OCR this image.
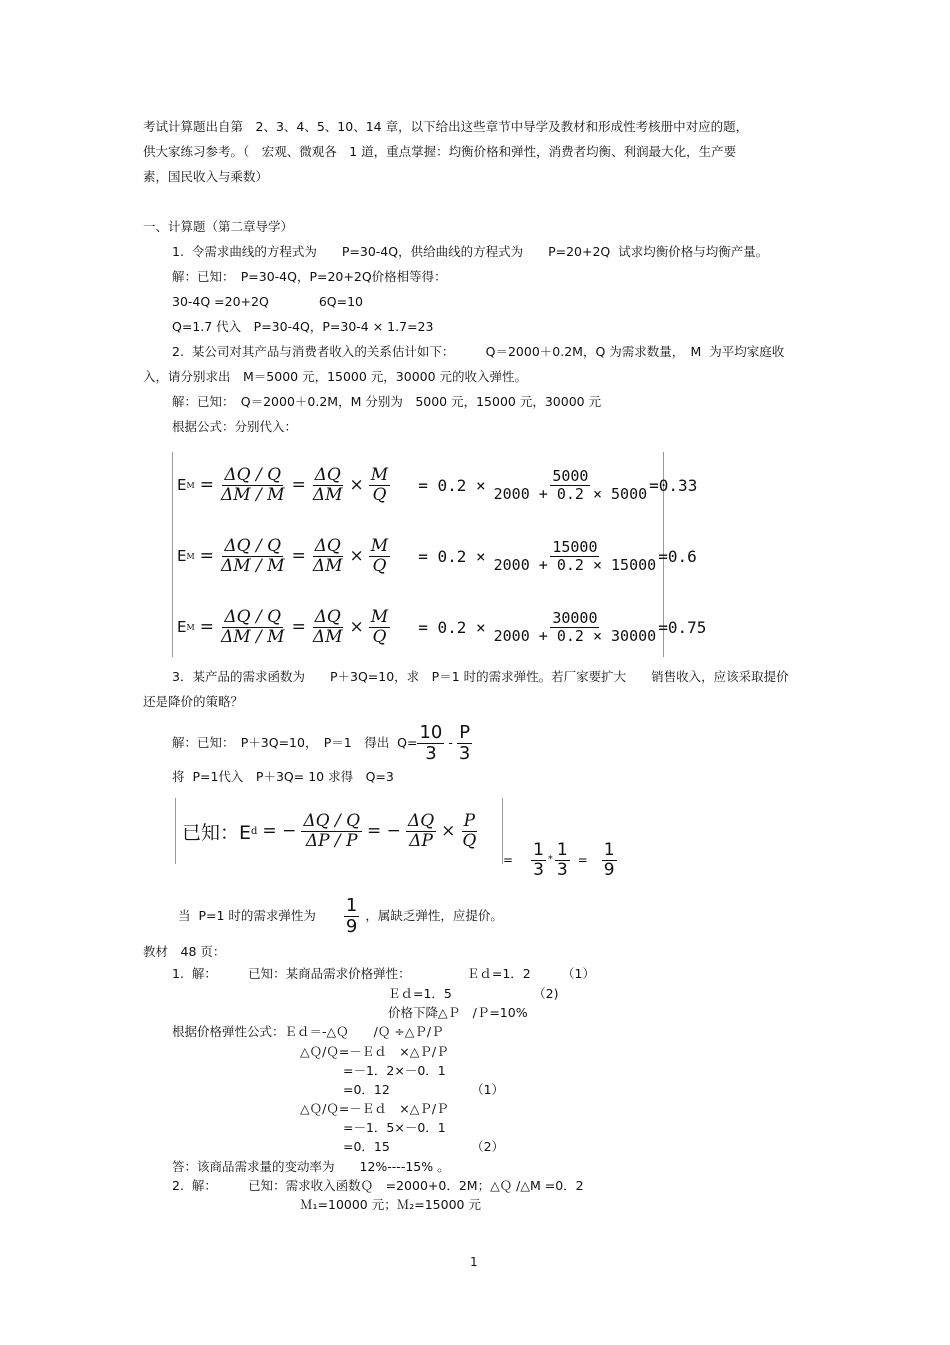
考试计算题出自第　2、3、4、5、10、14 章，以下给出这些章节中导学及教材和形成性考核册中对应的题，
供大家练习参考。（　宏观、微观各　1 道，重点掌握：均衡价格和弹性，消费者均衡、利润最大化，生产要
素，国民收入与乘数）
一、计算题（第二章导学）
1.  令需求曲线的方程式为　　P=30-4Q，供给曲线的方程式为　　P=20+2Q  试求均衡价格与均衡产量。
解：已知：　P=30-4Q，P=20+2Q价格相等得：
30-4Q =20+2Q　　　　6Q=10
Q=1.7 代入　P=30-4Q，P=30-4 × 1.7=23
2.  某公司对其产品与消费者收入的关系估计如下：　　　Q＝2000＋0.2M，Q 为需求数量，　M  为平均家庭收
入，请分别求出　M＝5000 元，15000 元，30000 元的收入弹性。
解：已知：　Q＝2000＋0.2M，M 分别为　5000 元，15000 元，30000 元
根据公式：分别代入：
E $M = \frac{\Delta Q / Q}{\Delta M / M} = \frac{\Delta Q}{\Delta M} \times \frac{M}{Q} = 0.2 \times \frac{5000}{2000 + 0.2 \times 5000} =0.33$
E $M = \frac{\Delta Q / Q}{\Delta M / M} = \frac{\Delta Q}{\Delta M} \times \frac{M}{Q} = 0.2 \times \frac{15000}{2000 + 0.2 \times 15000} =0.6$
E $M = \frac{\Delta Q / Q}{\Delta M / M} = \frac{\Delta Q}{\Delta M} \times \frac{M}{Q} = 0.2 \times \frac{30000}{2000 + 0.2 \times 30000} =0.75$
3．某产品的需求函数为　　P＋3Q=10，求　P＝1 时的需求弹性。若厂家要扩大　　销售收入，应该采取提价
还是降价的策略？
解：已知：　P＋3Q=10，　P＝1　得出  $Q= \frac{10}{3} - \frac{P}{3}$
将  P=1代入　P＋3Q= 10 求得　Q=3
已知：E d = − $\frac{\Delta Q / Q}{\Delta P / P}$ = − $\frac{\Delta Q}{\Delta P} \times \frac{P}{Q}$
= $\frac{1}{3} * \frac{1}{3} = \frac{1}{9}$
当  P=1 时的需求弹性为 $\frac{1}{9}$ ，属缺乏弹性，应提价。
教材　48 页：
1.  解：　　　已知：某商品需求价格弹性：　　　　　Ｅｄ=1．2　　　（1）
Ｅｄ=1．5　　　　　　　（2)
价格下降△Ｐ　/Ｐ=10%
根据价格弹性公式：Ｅｄ＝-△Ｑ　　/Ｑ ÷△Ｐ/Ｐ
△Ｑ/Ｑ=－Ｅｄ　×△Ｐ/Ｐ
=－1．2×－0．1
=0．12　　　　　　　（1）
△Ｑ/Ｑ=－Ｅｄ　×△Ｐ/Ｐ
=－1．5×－0．1
=0．15　　　　　　　（2）
答：该商品需求量的变动率为　　12%----15% 。
2.  解：　　　已知：需求收入函数Ｑ　=2000+0．2M；△Ｑ /△M =0．2
Ｍ₁=10000 元；Ｍ₂=15000 元
1
